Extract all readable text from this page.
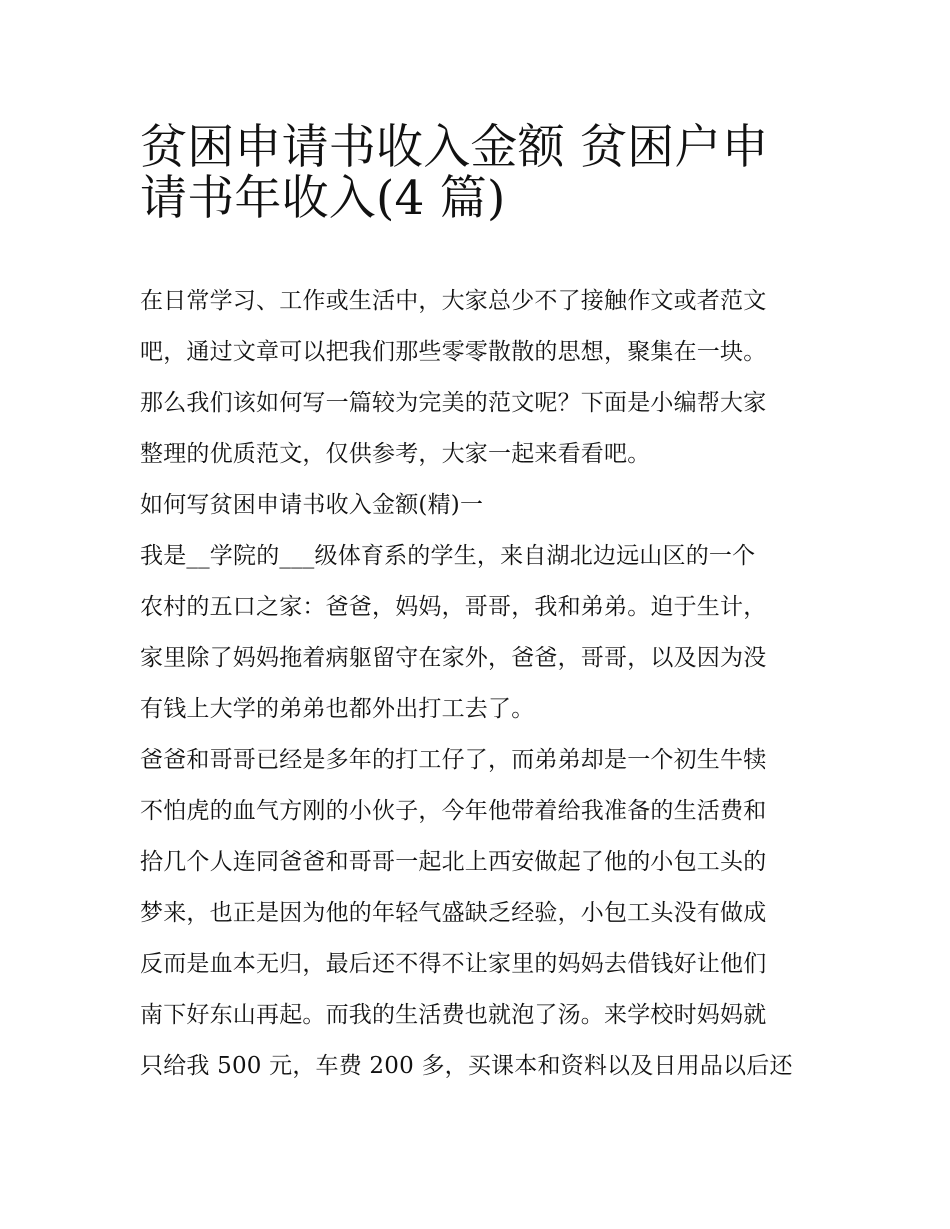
贫困申请书收入金额 贫困户申
请书年收入(4 篇)
在日常学习、工作或生活中，大家总少不了接触作文或者范文
吧，通过文章可以把我们那些零零散散的思想，聚集在一块。
那么我们该如何写一篇较为完美的范文呢？下面是小编帮大家
整理的优质范文，仅供参考，大家一起来看看吧。
如何写贫困申请书收入金额(精)一
我是__学院的___级体育系的学生，来自湖北边远山区的一个
农村的五口之家：爸爸，妈妈，哥哥，我和弟弟。迫于生计，
家里除了妈妈拖着病躯留守在家外，爸爸，哥哥，以及因为没
有钱上大学的弟弟也都外出打工去了。
爸爸和哥哥已经是多年的打工仔了，而弟弟却是一个初生牛犊
不怕虎的血气方刚的小伙子，今年他带着给我准备的生活费和
拾几个人连同爸爸和哥哥一起北上西安做起了他的小包工头的
梦来，也正是因为他的年轻气盛缺乏经验，小包工头没有做成
反而是血本无归，最后还不得不让家里的妈妈去借钱好让他们
南下好东山再起。而我的生活费也就泡了汤。来学校时妈妈就
只给我 500 元，车费 200 多，买课本和资料以及日用品以后还
